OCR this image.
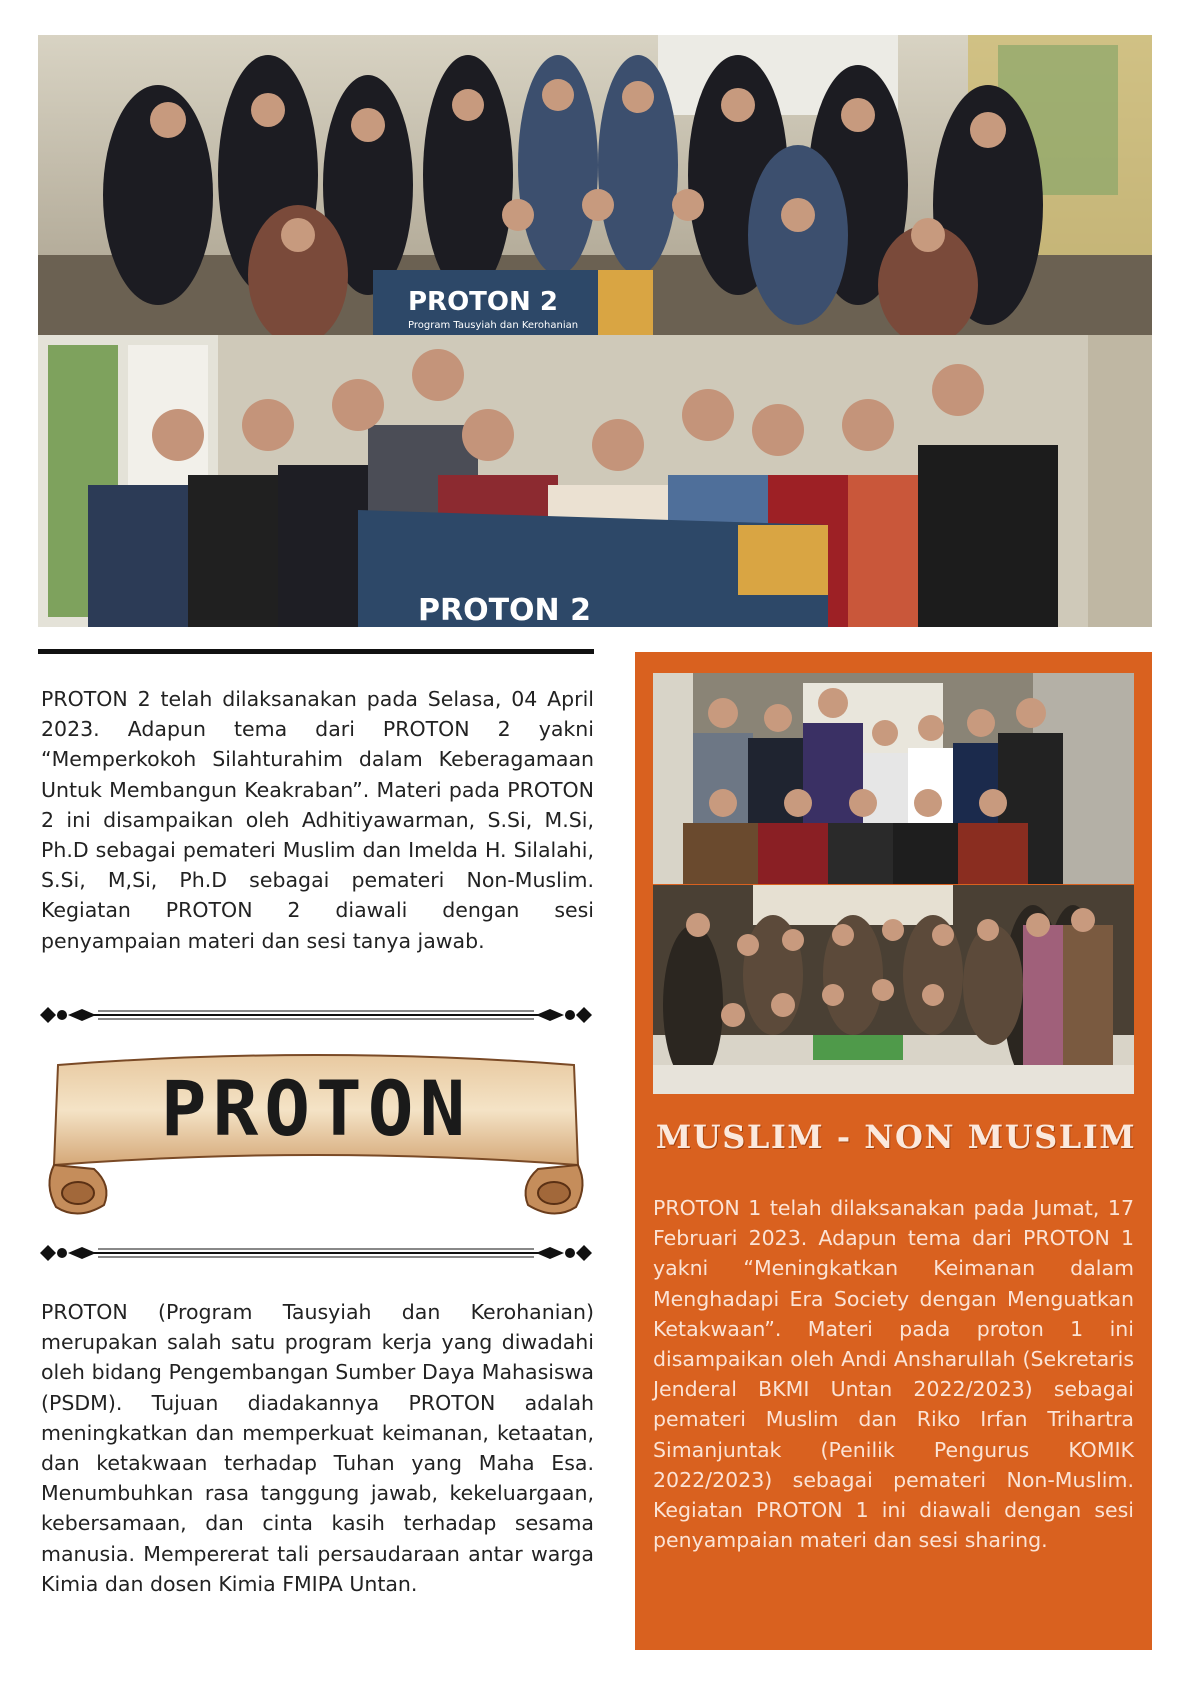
PROTON 2
Program Tausyiah dan Kerohanian
PROTON 2

PROTON 2 telah dilaksanakan pada Selasa, 04 April 2023. Adapun tema dari PROTON 2 yakni “Memperkokoh Silahturahim dalam Keberagamaan Untuk Membangun Keakraban”. Materi pada PROTON 2 ini disampaikan oleh Adhitiyawarman, S.Si, M.Si, Ph.D sebagai pemateri Muslim dan Imelda H. Silalahi, S.Si, M,Si, Ph.D sebagai pemateri Non-Muslim. Kegiatan PROTON 2 diawali dengan sesi penyampaian materi dan sesi tanya jawab.

PROTON

PROTON (Program Tausyiah dan Kerohanian) merupakan salah satu program kerja yang diwadahi oleh bidang Pengembangan Sumber Daya Mahasiswa (PSDM). Tujuan diadakannya PROTON adalah meningkatkan dan memperkuat keimanan, ketaatan, dan ketakwaan terhadap Tuhan yang Maha Esa. Menumbuhkan rasa tanggung jawab, kekeluargaan, kebersamaan, dan cinta kasih terhadap sesama manusia. Mempererat tali persaudaraan antar warga Kimia dan dosen Kimia FMIPA Untan.

MUSLIM - NON MUSLIM

PROTON 1 telah dilaksanakan pada Jumat, 17 Februari 2023. Adapun tema dari PROTON 1 yakni “Meningkatkan Keimanan dalam Menghadapi Era Society dengan Menguatkan Ketakwaan”. Materi pada proton 1 ini disampaikan oleh Andi Ansharullah (Sekretaris Jenderal BKMI Untan 2022/2023) sebagai pemateri Muslim dan Riko Irfan Trihartra Simanjuntak (Penilik Pengurus KOMIK 2022/2023) sebagai pemateri Non-Muslim. Kegiatan PROTON 1 ini diawali dengan sesi penyampaian materi dan sesi sharing.
